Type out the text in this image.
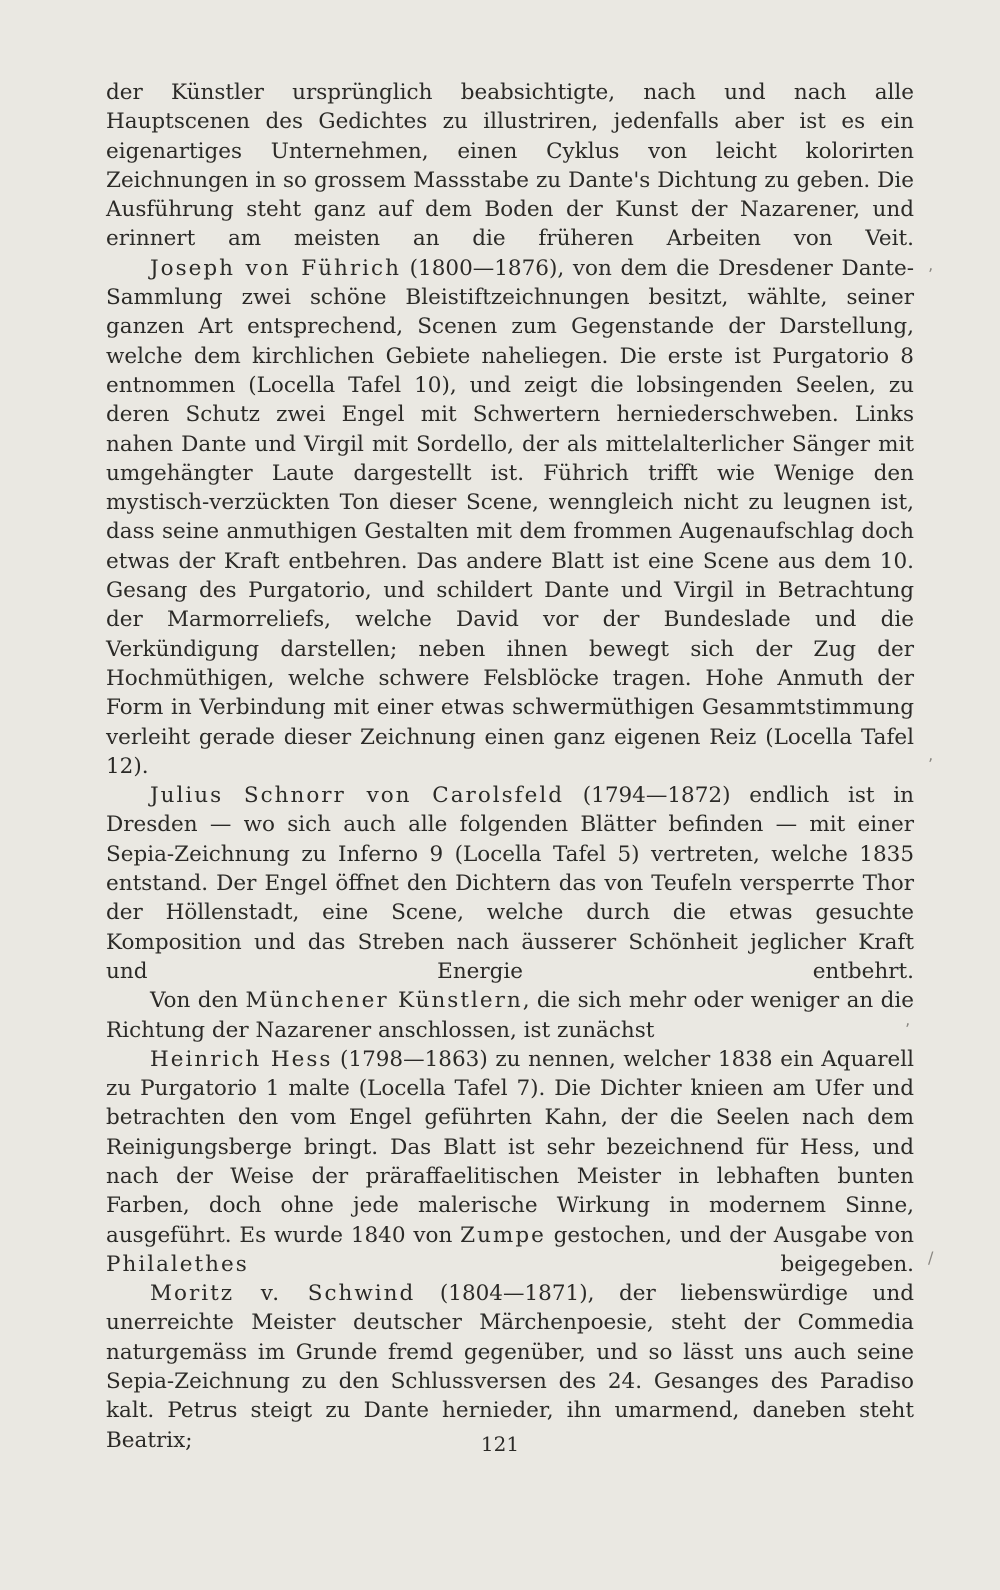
der Künstler ursprünglich beabsichtigte, nach und nach alle Hauptscenen des Gedichtes zu illustriren, jedenfalls aber ist es ein eigenartiges Unternehmen, einen Cyklus von leicht kolorirten Zeichnungen in so grossem Massstabe zu Dante's Dichtung zu geben. Die Ausführung steht ganz auf dem Boden der Kunst der Nazarener, und erinnert am meisten an die früheren Arbeiten von Veit.

Joseph von Führich (1800—1876), von dem die Dresdener Dante-Sammlung zwei schöne Bleistiftzeichnungen besitzt, wählte, seiner ganzen Art entsprechend, Scenen zum Gegenstande der Darstellung, welche dem kirchlichen Gebiete naheliegen. Die erste ist Purgatorio 8 entnommen (Locella Tafel 10), und zeigt die lobsingenden Seelen, zu deren Schutz zwei Engel mit Schwertern herniederschweben. Links nahen Dante und Virgil mit Sordello, der als mittelalterlicher Sänger mit umgehängter Laute dargestellt ist. Führich trifft wie Wenige den mystisch-verzückten Ton dieser Scene, wenngleich nicht zu leugnen ist, dass seine anmuthigen Gestalten mit dem frommen Augenaufschlag doch etwas der Kraft entbehren. Das andere Blatt ist eine Scene aus dem 10. Gesang des Purgatorio, und schildert Dante und Virgil in Betrachtung der Marmorreliefs, welche David vor der Bundeslade und die Verkündigung darstellen; neben ihnen bewegt sich der Zug der Hochmüthigen, welche schwere Felsblöcke tragen. Hohe Anmuth der Form in Verbindung mit einer etwas schwermüthigen Gesammtstimmung verleiht gerade dieser Zeichnung einen ganz eigenen Reiz (Locella Tafel 12).

Julius Schnorr von Carolsfeld (1794—1872) endlich ist in Dresden — wo sich auch alle folgenden Blätter befinden — mit einer Sepia-Zeichnung zu Inferno 9 (Locella Tafel 5) vertreten, welche 1835 entstand. Der Engel öffnet den Dichtern das von Teufeln versperrte Thor der Höllenstadt, eine Scene, welche durch die etwas gesuchte Komposition und das Streben nach äusserer Schönheit jeglicher Kraft und Energie entbehrt.

Von den Münchener Künstlern, die sich mehr oder weniger an die Richtung der Nazarener anschlossen, ist zunächst

Heinrich Hess (1798—1863) zu nennen, welcher 1838 ein Aquarell zu Purgatorio 1 malte (Locella Tafel 7). Die Dichter knieen am Ufer und betrachten den vom Engel geführten Kahn, der die Seelen nach dem Reinigungsberge bringt. Das Blatt ist sehr bezeichnend für Hess, und nach der Weise der präraffaelitischen Meister in lebhaften bunten Farben, doch ohne jede malerische Wirkung in modernem Sinne, ausgeführt. Es wurde 1840 von Zumpe gestochen, und der Ausgabe von Philalethes beigegeben.

Moritz v. Schwind (1804—1871), der liebenswürdige und unerreichte Meister deutscher Märchenpoesie, steht der Commedia naturgemäss im Grunde fremd gegenüber, und so lässt uns auch seine Sepia-Zeichnung zu den Schlussversen des 24. Gesanges des Paradiso kalt. Petrus steigt zu Dante hernieder, ihn umarmend, daneben steht Beatrix;	121
ʼ
ʼ
ʼ
/
